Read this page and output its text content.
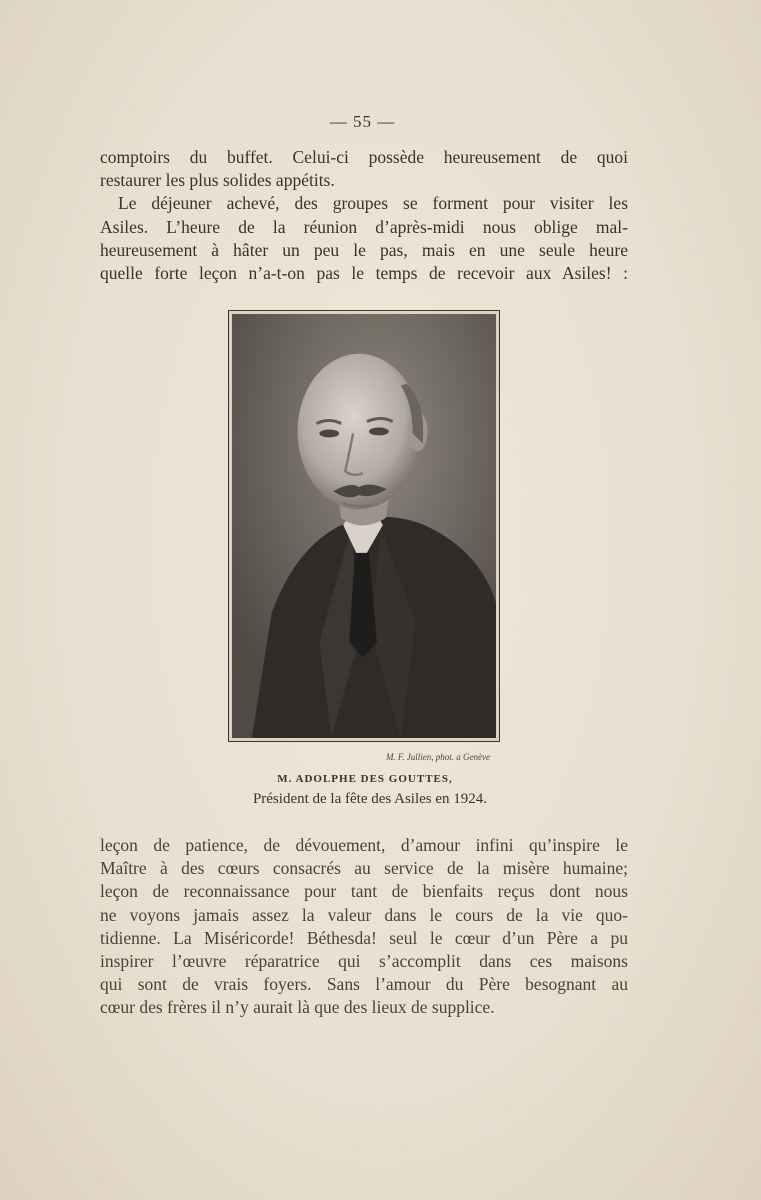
— 55 —
comptoirs du buffet. Celui-ci possède heureusement de quoi
restaurer les plus solides appétits.
Le déjeuner achevé, des groupes se forment pour visiter les
Asiles. L’heure de la réunion d’après-midi nous oblige mal-
heureusement à hâter un peu le pas, mais en une seule heure
quelle forte leçon n’a-t-on pas le temps de recevoir aux Asiles! :
M. F. Jullien, phot. a Genève
M. ADOLPHE DES GOUTTES,
Président de la fête des Asiles en 1924.
leçon de patience, de dévouement, d’amour infini qu’inspire le
Maître à des cœurs consacrés au service de la misère humaine;
leçon de reconnaissance pour tant de bienfaits reçus dont nous
ne voyons jamais assez la valeur dans le cours de la vie quo-
tidienne. La Miséricorde! Béthesda! seul le cœur d’un Père a pu
inspirer l’œuvre réparatrice qui s’accomplit dans ces maisons
qui sont de vrais foyers. Sans l’amour du Père besognant au
cœur des frères il n’y aurait là que des lieux de supplice.
